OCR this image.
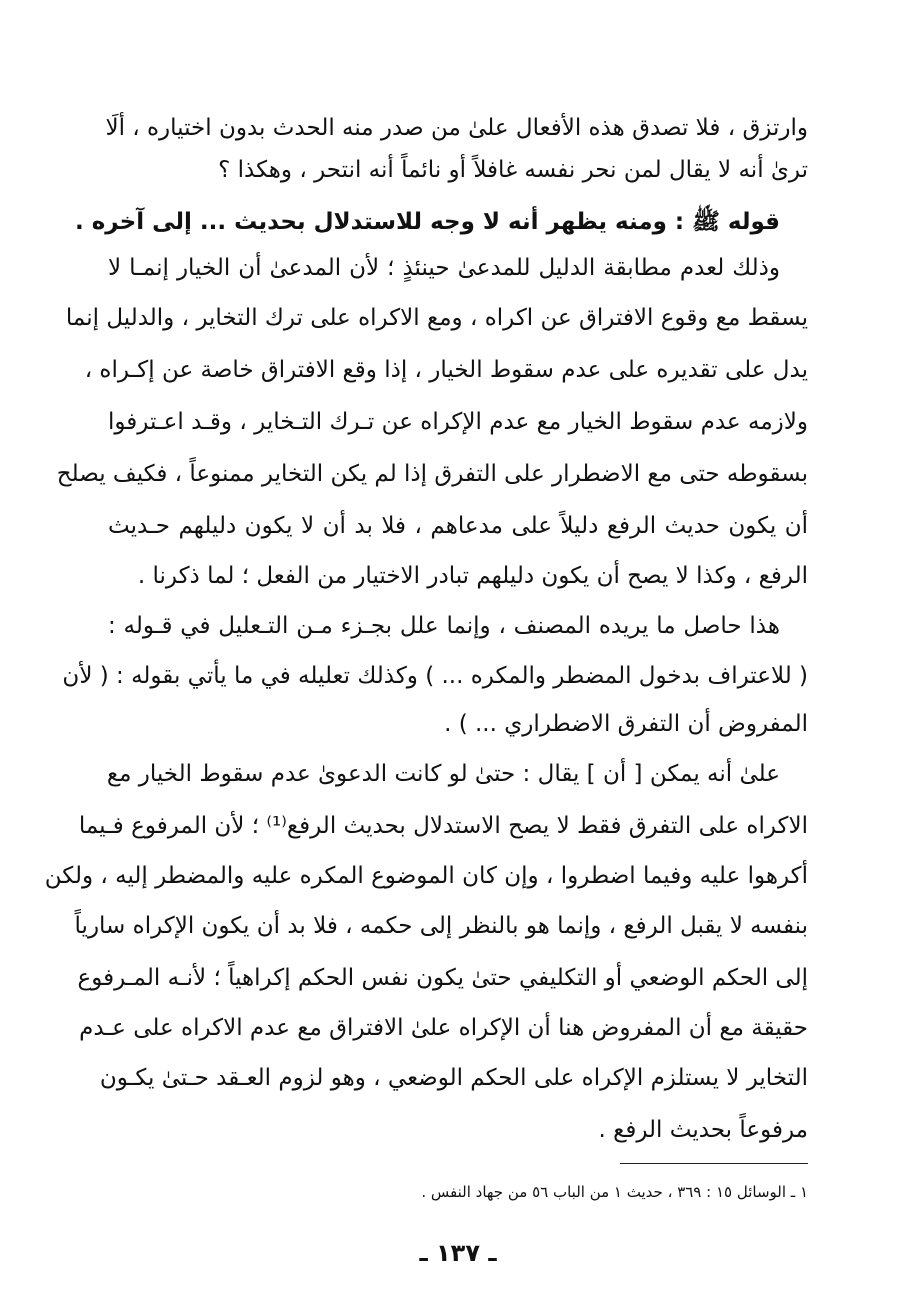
وارتزق ، فلا تصدق هذه الأفعال علىٰ من صدر منه الحدث بدون اختياره ، ألَا
ترىٰ أنه لا يقال لمن نحر نفسه غافلاً أو نائماً أنه انتحر ، وهكذا ؟
قوله ﷺ : ومنه يظهر أنه لا وجه للاستدلال بحديث ... إلى آخره .
وذلك لعدم مطابقة الدليل للمدعىٰ حينئذٍ ؛ لأن المدعىٰ أن الخيار إنمـا لا
يسقط مع وقوع الافتراق عن اكراه ، ومع الاكراه على ترك التخاير ، والدليل إنما
يدل على تقديره على عدم سقوط الخيار ، إذا وقع الافتراق خاصة عن إكـراه ،
ولازمه عدم سقوط الخيار مع عدم الإكراه عن تـرك التـخاير ، وقـد اعـترفوا
بسقوطه حتى مع الاضطرار على التفرق إذا لم يكن التخاير ممنوعاً ، فكيف يصلح
أن يكون حديث الرفع دليلاً على مدعاهم ، فلا بد أن لا يكون دليلهم حـديث
الرفع ، وكذا لا يصح أن يكون دليلهم تبادر الاختيار من الفعل ؛ لما ذكرنا .
هذا حاصل ما يريده المصنف ، وإنما علل بجـزء مـن التـعليل في قـوله :
( للاعتراف بدخول المضطر والمكره ... ) وكذلك تعليله في ما يأتي بقوله : ( لأن
المفروض أن التفرق الاضطراري ... ) .
علىٰ أنه يمكن [ أن ] يقال : حتىٰ لو كانت الدعوىٰ عدم سقوط الخيار مع
الاكراه على التفرق فقط لا يصح الاستدلال بحديث الرفع⁽¹⁾ ؛ لأن المرفوع فـيما
أكرهوا عليه وفيما اضطروا ، وإن كان الموضوع المكره عليه والمضطر إليه ، ولكن
بنفسه لا يقبل الرفع ، وإنما هو بالنظر إلى حكمه ، فلا بد أن يكون الإكراه سارياً
إلى الحكم الوضعي أو التكليفي حتىٰ يكون نفس الحكم إكراهياً ؛ لأنـه المـرفوع
حقيقة مع أن المفروض هنا أن الإكراه علىٰ الافتراق مع عدم الاكراه على عـدم
التخاير لا يستلزم الإكراه على الحكم الوضعي ، وهو لزوم العـقد حـتىٰ يكـون
مرفوعاً بحديث الرفع .
١ ـ الوسائل ١٥ : ٣٦٩ ، حديث ١ من الباب ٥٦ من جهاد النفس .
ـ ١٣٧ ـ
